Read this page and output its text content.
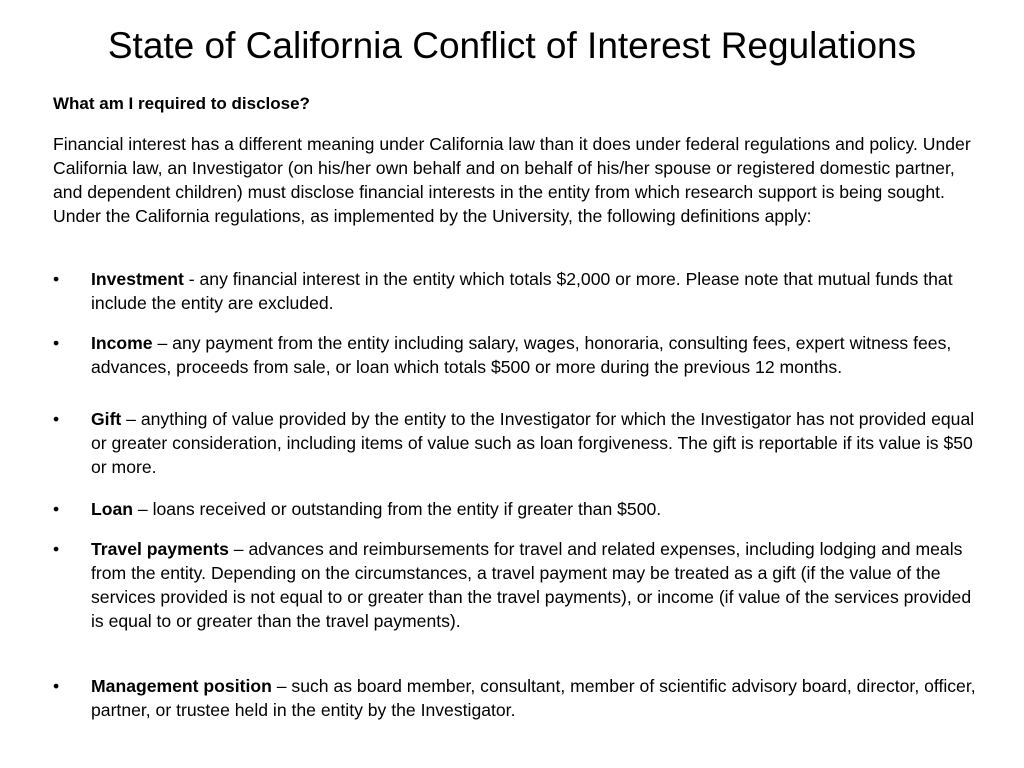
State of California Conflict of Interest Regulations

What am I required to disclose?

Financial interest has a different meaning under California law than it does under federal regulations and policy. Under California law, an Investigator (on his/her own behalf and on behalf of his/her spouse or registered domestic partner, and dependent children) must disclose financial interests in the entity from which research support is being sought. Under the California regulations, as implemented by the University, the following definitions apply:

•	Investment - any financial interest in the entity which totals $2,000 or more. Please note that mutual funds that include the entity are excluded.
•	Income – any payment from the entity including salary, wages, honoraria, consulting fees, expert witness fees, advances, proceeds from sale, or loan which totals $500 or more during the previous 12 months.
•	Gift – anything of value provided by the entity to the Investigator for which the Investigator has not provided equal or greater consideration, including items of value such as loan forgiveness. The gift is reportable if its value is $50 or more.
•	Loan – loans received or outstanding from the entity if greater than $500.
•	Travel payments – advances and reimbursements for travel and related expenses, including lodging and meals from the entity. Depending on the circumstances, a travel payment may be treated as a gift (if the value of the services provided is not equal to or greater than the travel payments), or income (if value of the services provided is equal to or greater than the travel payments).
•	Management position – such as board member, consultant, member of scientific advisory board, director, officer, partner, or trustee held in the entity by the Investigator.
